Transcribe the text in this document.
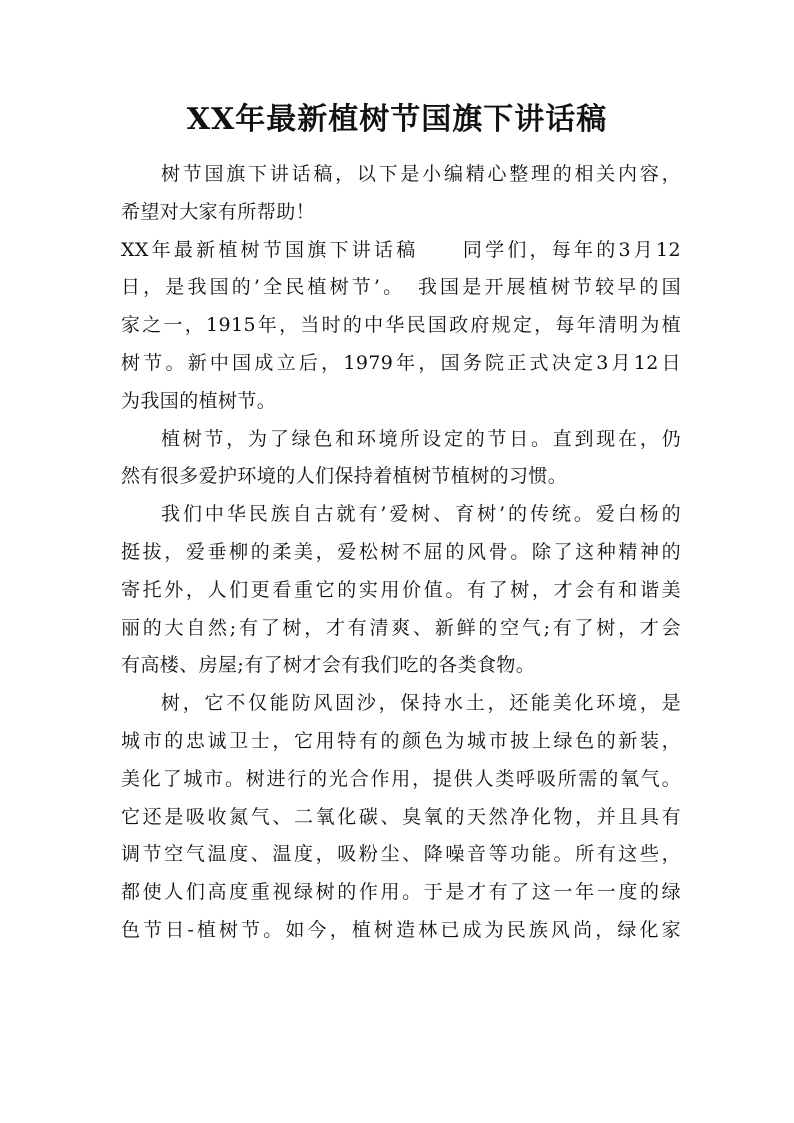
XX年最新植树节国旗下讲话稿
树节国旗下讲话稿，以下是小编精心整理的相关内容，
希望对大家有所帮助！
XX年最新植树节国旗下讲话稿　　同学们，每年的3月12
日，是我国的’全民植树节’。　我国是开展植树节较早的国
家之一，1915年，当时的中华民国政府规定，每年清明为植
树节。新中国成立后，1979年，国务院正式决定3月12日
为我国的植树节。
植树节，为了绿色和环境所设定的节日。直到现在，仍
然有很多爱护环境的人们保持着植树节植树的习惯。
我们中华民族自古就有’爱树、育树’的传统。爱白杨的
挺拔，爱垂柳的柔美，爱松树不屈的风骨。除了这种精神的
寄托外，人们更看重它的实用价值。有了树，才会有和谐美
丽的大自然;有了树，才有清爽、新鲜的空气;有了树，才会
有高楼、房屋;有了树才会有我们吃的各类食物。
树，它不仅能防风固沙，保持水土，还能美化环境，是
城市的忠诚卫士，它用特有的颜色为城市披上绿色的新装，
美化了城市。树进行的光合作用，提供人类呼吸所需的氧气。
它还是吸收氮气、二氧化碳、臭氧的天然净化物，并且具有
调节空气温度、温度，吸粉尘、降噪音等功能。所有这些，
都使人们高度重视绿树的作用。于是才有了这一年一度的绿
色节日-植树节。如今，植树造林已成为民族风尚，绿化家
